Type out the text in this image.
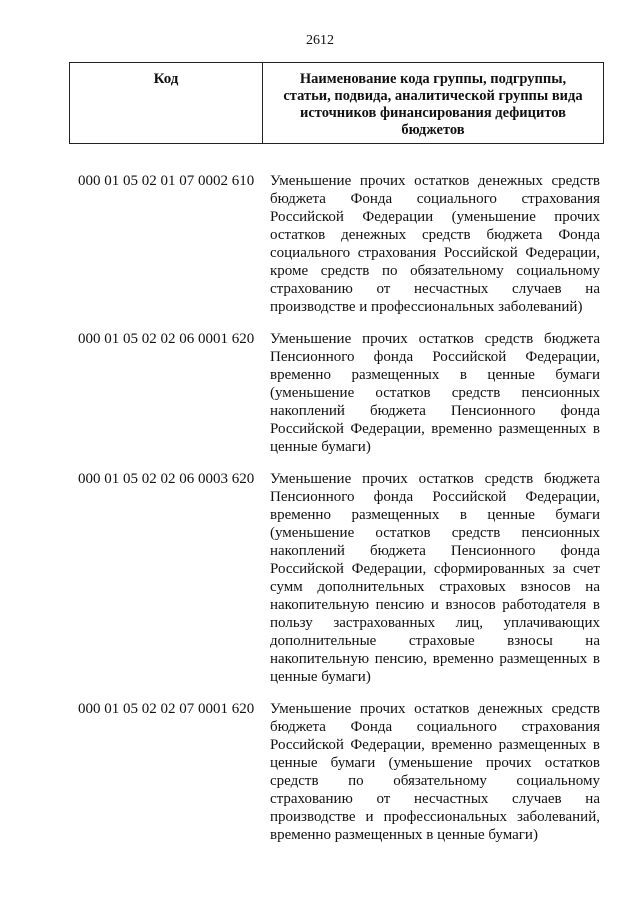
2612
Код	Наименование кода группы, подгруппы, статьи, подвида, аналитической группы вида источников финансирования дефицитов бюджетов
000 01 05 02 01 07 0002 610	Уменьшение прочих остатков денежных средств бюджета Фонда социального страхования Российской Федерации (уменьшение прочих остатков денежных средств бюджета Фонда социального страхования Российской Федерации, кроме средств по обязательному социальному страхованию от несчастных случаев на производстве и профессиональных заболеваний)
000 01 05 02 02 06 0001 620	Уменьшение прочих остатков средств бюджета Пенсионного фонда Российской Федерации, временно размещенных в ценные бумаги (уменьшение остатков средств пенсионных накоплений бюджета Пенсионного фонда Российской Федерации, временно размещенных в ценные бумаги)
000 01 05 02 02 06 0003 620	Уменьшение прочих остатков средств бюджета Пенсионного фонда Российской Федерации, временно размещенных в ценные бумаги (уменьшение остатков средств пенсионных накоплений бюджета Пенсионного фонда Российской Федерации, сформированных за счет сумм дополнительных страховых взносов на накопительную пенсию и взносов работодателя в пользу застрахованных лиц, уплачивающих дополнительные страховые взносы на накопительную пенсию, временно размещенных в ценные бумаги)
000 01 05 02 02 07 0001 620	Уменьшение прочих остатков денежных средств бюджета Фонда социального страхования Российской Федерации, временно размещенных в ценные бумаги (уменьшение прочих остатков средств по обязательному социальному страхованию от несчастных случаев на производстве и профессиональных заболеваний, временно размещенных в ценные бумаги)
